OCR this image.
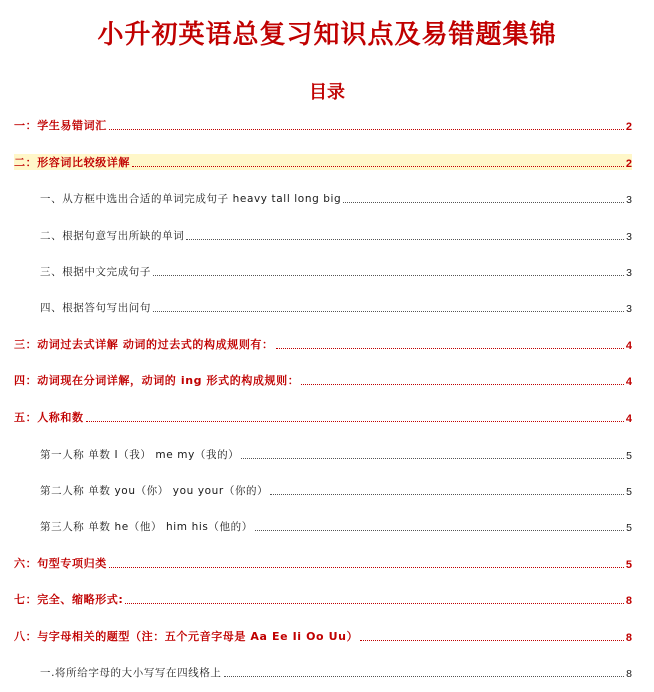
小升初英语总复习知识点及易错题集锦
目录
一：学生易错词汇	2
二：形容词比较级详解	2
一、从方框中选出合适的单词完成句子 heavy tall long big	3
二、根据句意写出所缺的单词	3
三、根据中文完成句子	3
四、根据答句写出问句	3
三：动词过去式详解 动词的过去式的构成规则有：	4
四：动词现在分词详解，动词的 ing 形式的构成规则：	4
五：人称和数	4
第一人称 单数 I（我） me my（我的）	5
第二人称 单数 you（你） you your（你的）	5
第三人称 单数 he（他） him his（他的）	5
六：句型专项归类	5
七：完全、缩略形式:	8
八：与字母相关的题型（注：五个元音字母是 Aa Ee Ii Oo Uu）	8
一.将所给字母的大小写写在四线格上	8
